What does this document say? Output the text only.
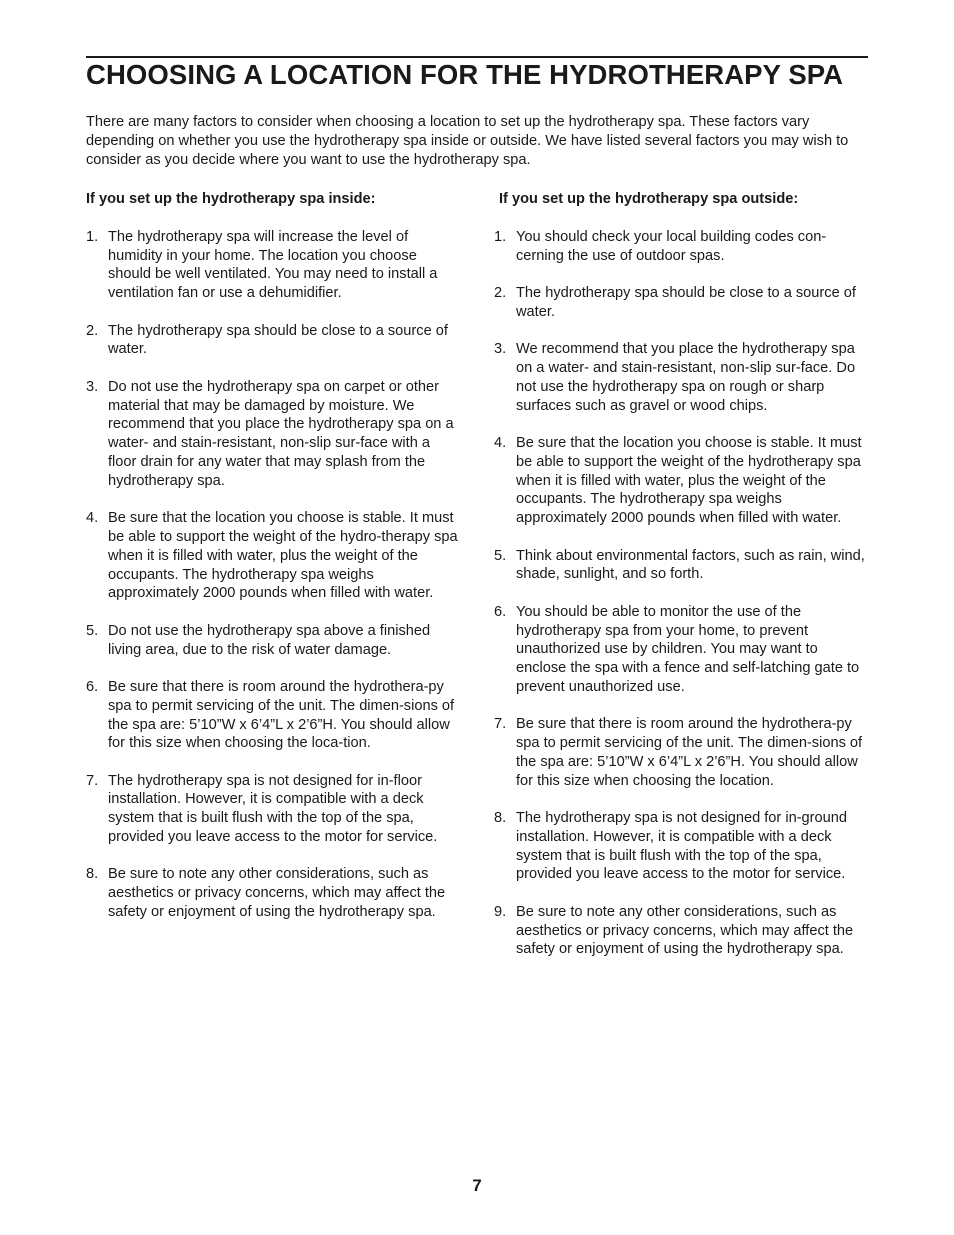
CHOOSING A LOCATION FOR THE HYDROTHERAPY SPA

There are many factors to consider when choosing a location to set up the hydrotherapy spa. These factors vary depending on whether you use the hydrotherapy spa inside or outside. We have listed several factors you may wish to consider as you decide where you want to use the hydrotherapy spa.

If you set up the hydrotherapy spa inside:

1. The hydrotherapy spa will increase the level of humidity in your home. The location you choose should be well ventilated. You may need to install a ventilation fan or use a dehumidifier.
2. The hydrotherapy spa should be close to a source of water.
3. Do not use the hydrotherapy spa on carpet or other material that may be damaged by moisture. We recommend that you place the hydrotherapy spa on a water- and stain-resistant, non-slip sur-face with a floor drain for any water that may splash from the hydrotherapy spa.
4. Be sure that the location you choose is stable. It must be able to support the weight of the hydro-therapy spa when it is filled with water, plus the weight of the occupants. The hydrotherapy spa weighs approximately 2000 pounds when filled with water.
5. Do not use the hydrotherapy spa above a finished living area, due to the risk of water damage.
6. Be sure that there is room around the hydrothera-py spa to permit servicing of the unit. The dimen-sions of the spa are: 5’10”W x 6’4”L x 2’6”H. You should allow for this size when choosing the loca-tion.
7. The hydrotherapy spa is not designed for in-floor installation. However, it is compatible with a deck system that is built flush with the top of the spa, provided you leave access to the motor for service.
8. Be sure to note any other considerations, such as aesthetics or privacy concerns, which may affect the safety or enjoyment of using the hydrotherapy spa.

If you set up the hydrotherapy spa outside:

1. You should check your local building codes con-cerning the use of outdoor spas.
2. The hydrotherapy spa should be close to a source of water.
3. We recommend that you place the hydrotherapy spa on a water- and stain-resistant, non-slip sur-face. Do not use the hydrotherapy spa on rough or sharp surfaces such as gravel or wood chips.
4. Be sure that the location you choose is stable. It must be able to support the weight of the hydrotherapy spa when it is filled with water, plus the weight of the occupants. The hydrotherapy spa weighs approximately 2000 pounds when filled with water.
5. Think about environmental factors, such as rain, wind, shade, sunlight, and so forth.
6. You should be able to monitor the use of the hydrotherapy spa from your home, to prevent unauthorized use by children. You may want to enclose the spa with a fence and self-latching gate to prevent unauthorized use.
7. Be sure that there is room around the hydrothera-py spa to permit servicing of the unit. The dimen-sions of the spa are: 5’10”W x 6’4”L x 2’6”H. You should allow for this size when choosing the location.
8. The hydrotherapy spa is not designed for in-ground installation. However, it is compatible with a deck system that is built flush with the top of the spa, provided you leave access to the motor for service.
9. Be sure to note any other considerations, such as aesthetics or privacy concerns, which may affect the safety or enjoyment of using the hydrotherapy spa.
7
